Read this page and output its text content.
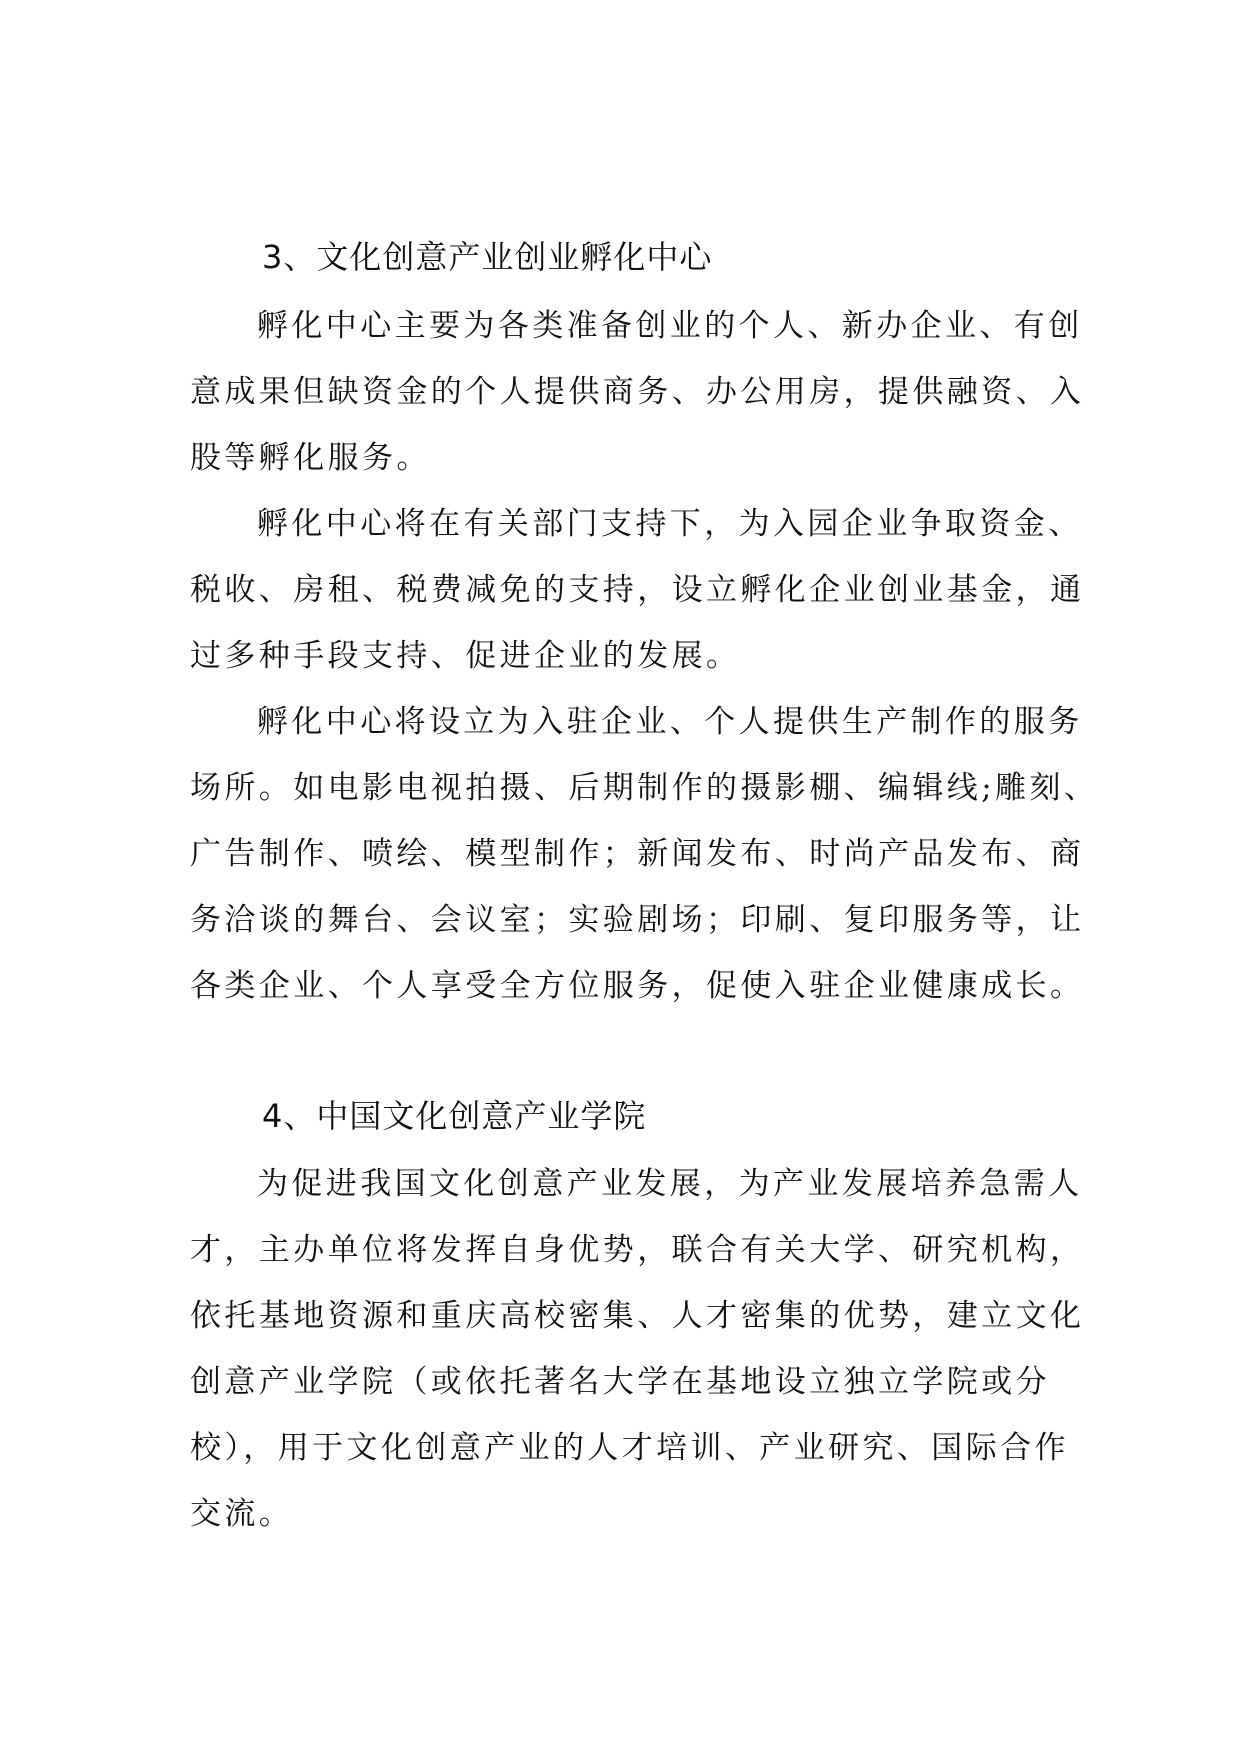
3、文化创意产业创业孵化中心

孵化中心主要为各类准备创业的个人、新办企业、有创

意成果但缺资金的个人提供商务、办公用房，提供融资、入

股等孵化服务。

孵化中心将在有关部门支持下，为入园企业争取资金、

税收、房租、税费减免的支持，设立孵化企业创业基金，通

过多种手段支持、促进企业的发展。

孵化中心将设立为入驻企业、个人提供生产制作的服务

场所。如电影电视拍摄、后期制作的摄影棚、编辑线;雕刻、

广告制作、喷绘、模型制作；新闻发布、时尚产品发布、商

务洽谈的舞台、会议室；实验剧场；印刷、复印服务等，让

各类企业、个人享受全方位服务，促使入驻企业健康成长。

4、中国文化创意产业学院

为促进我国文化创意产业发展，为产业发展培养急需人

才，主办单位将发挥自身优势，联合有关大学、研究机构，

依托基地资源和重庆高校密集、人才密集的优势，建立文化

创意产业学院（或依托著名大学在基地设立独立学院或分

校），用于文化创意产业的人才培训、产业研究、国际合作

交流。
